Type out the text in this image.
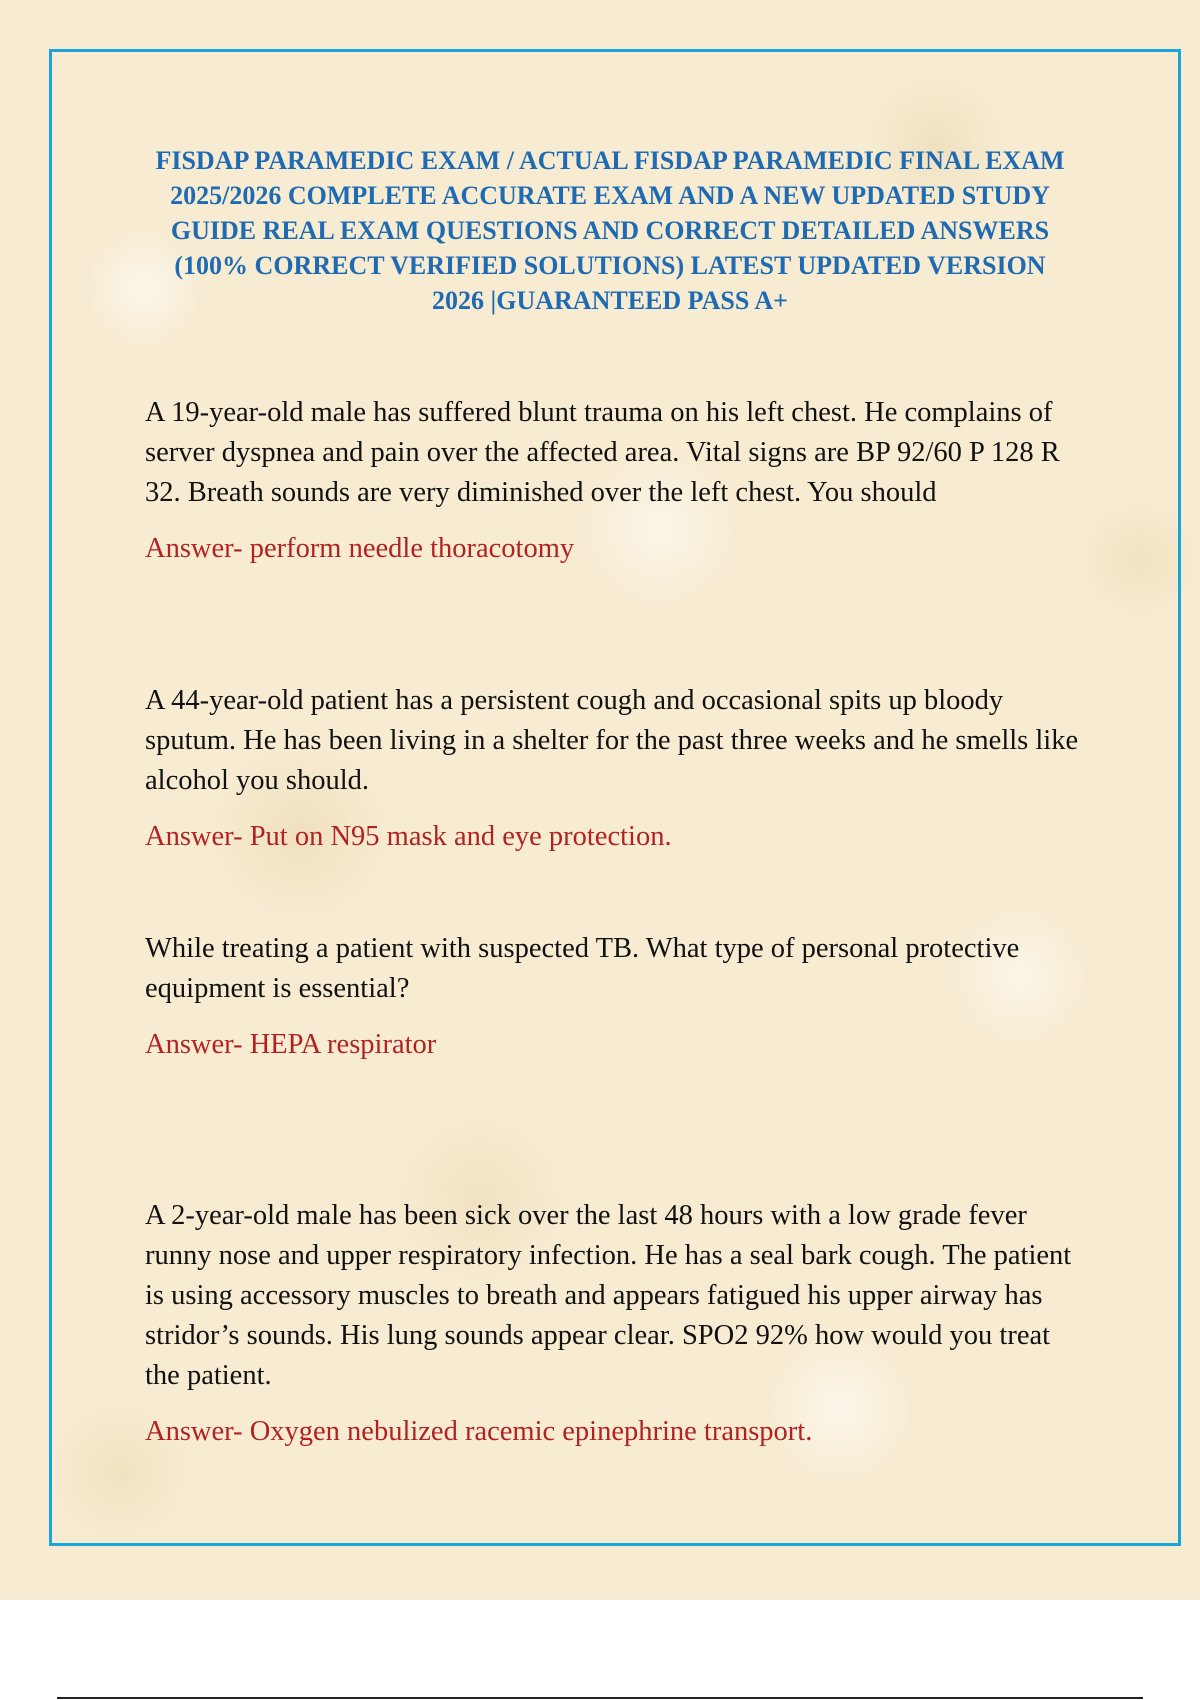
FISDAP PARAMEDIC EXAM / ACTUAL FISDAP PARAMEDIC FINAL EXAM 2025/2026 COMPLETE ACCURATE EXAM AND A NEW UPDATED STUDY GUIDE REAL EXAM QUESTIONS AND CORRECT DETAILED ANSWERS (100% CORRECT VERIFIED SOLUTIONS) LATEST UPDATED VERSION 2026 |GUARANTEED PASS A+

A 19-year-old male has suffered blunt trauma on his left chest. He complains of server dyspnea and pain over the affected area. Vital signs are BP 92/60 P 128 R 32. Breath sounds are very diminished over the left chest. You should

Answer- perform needle thoracotomy

A 44-year-old patient has a persistent cough and occasional spits up bloody sputum. He has been living in a shelter for the past three weeks and he smells like alcohol you should.

Answer- Put on N95 mask and eye protection.

While treating a patient with suspected TB. What type of personal protective equipment is essential?

Answer- HEPA respirator

A 2-year-old male has been sick over the last 48 hours with a low grade fever runny nose and upper respiratory infection. He has a seal bark cough. The patient is using accessory muscles to breath and appears fatigued his upper airway has stridor’s sounds. His lung sounds appear clear. SPO2 92% how would you treat the patient.

Answer- Oxygen nebulized racemic epinephrine transport.
